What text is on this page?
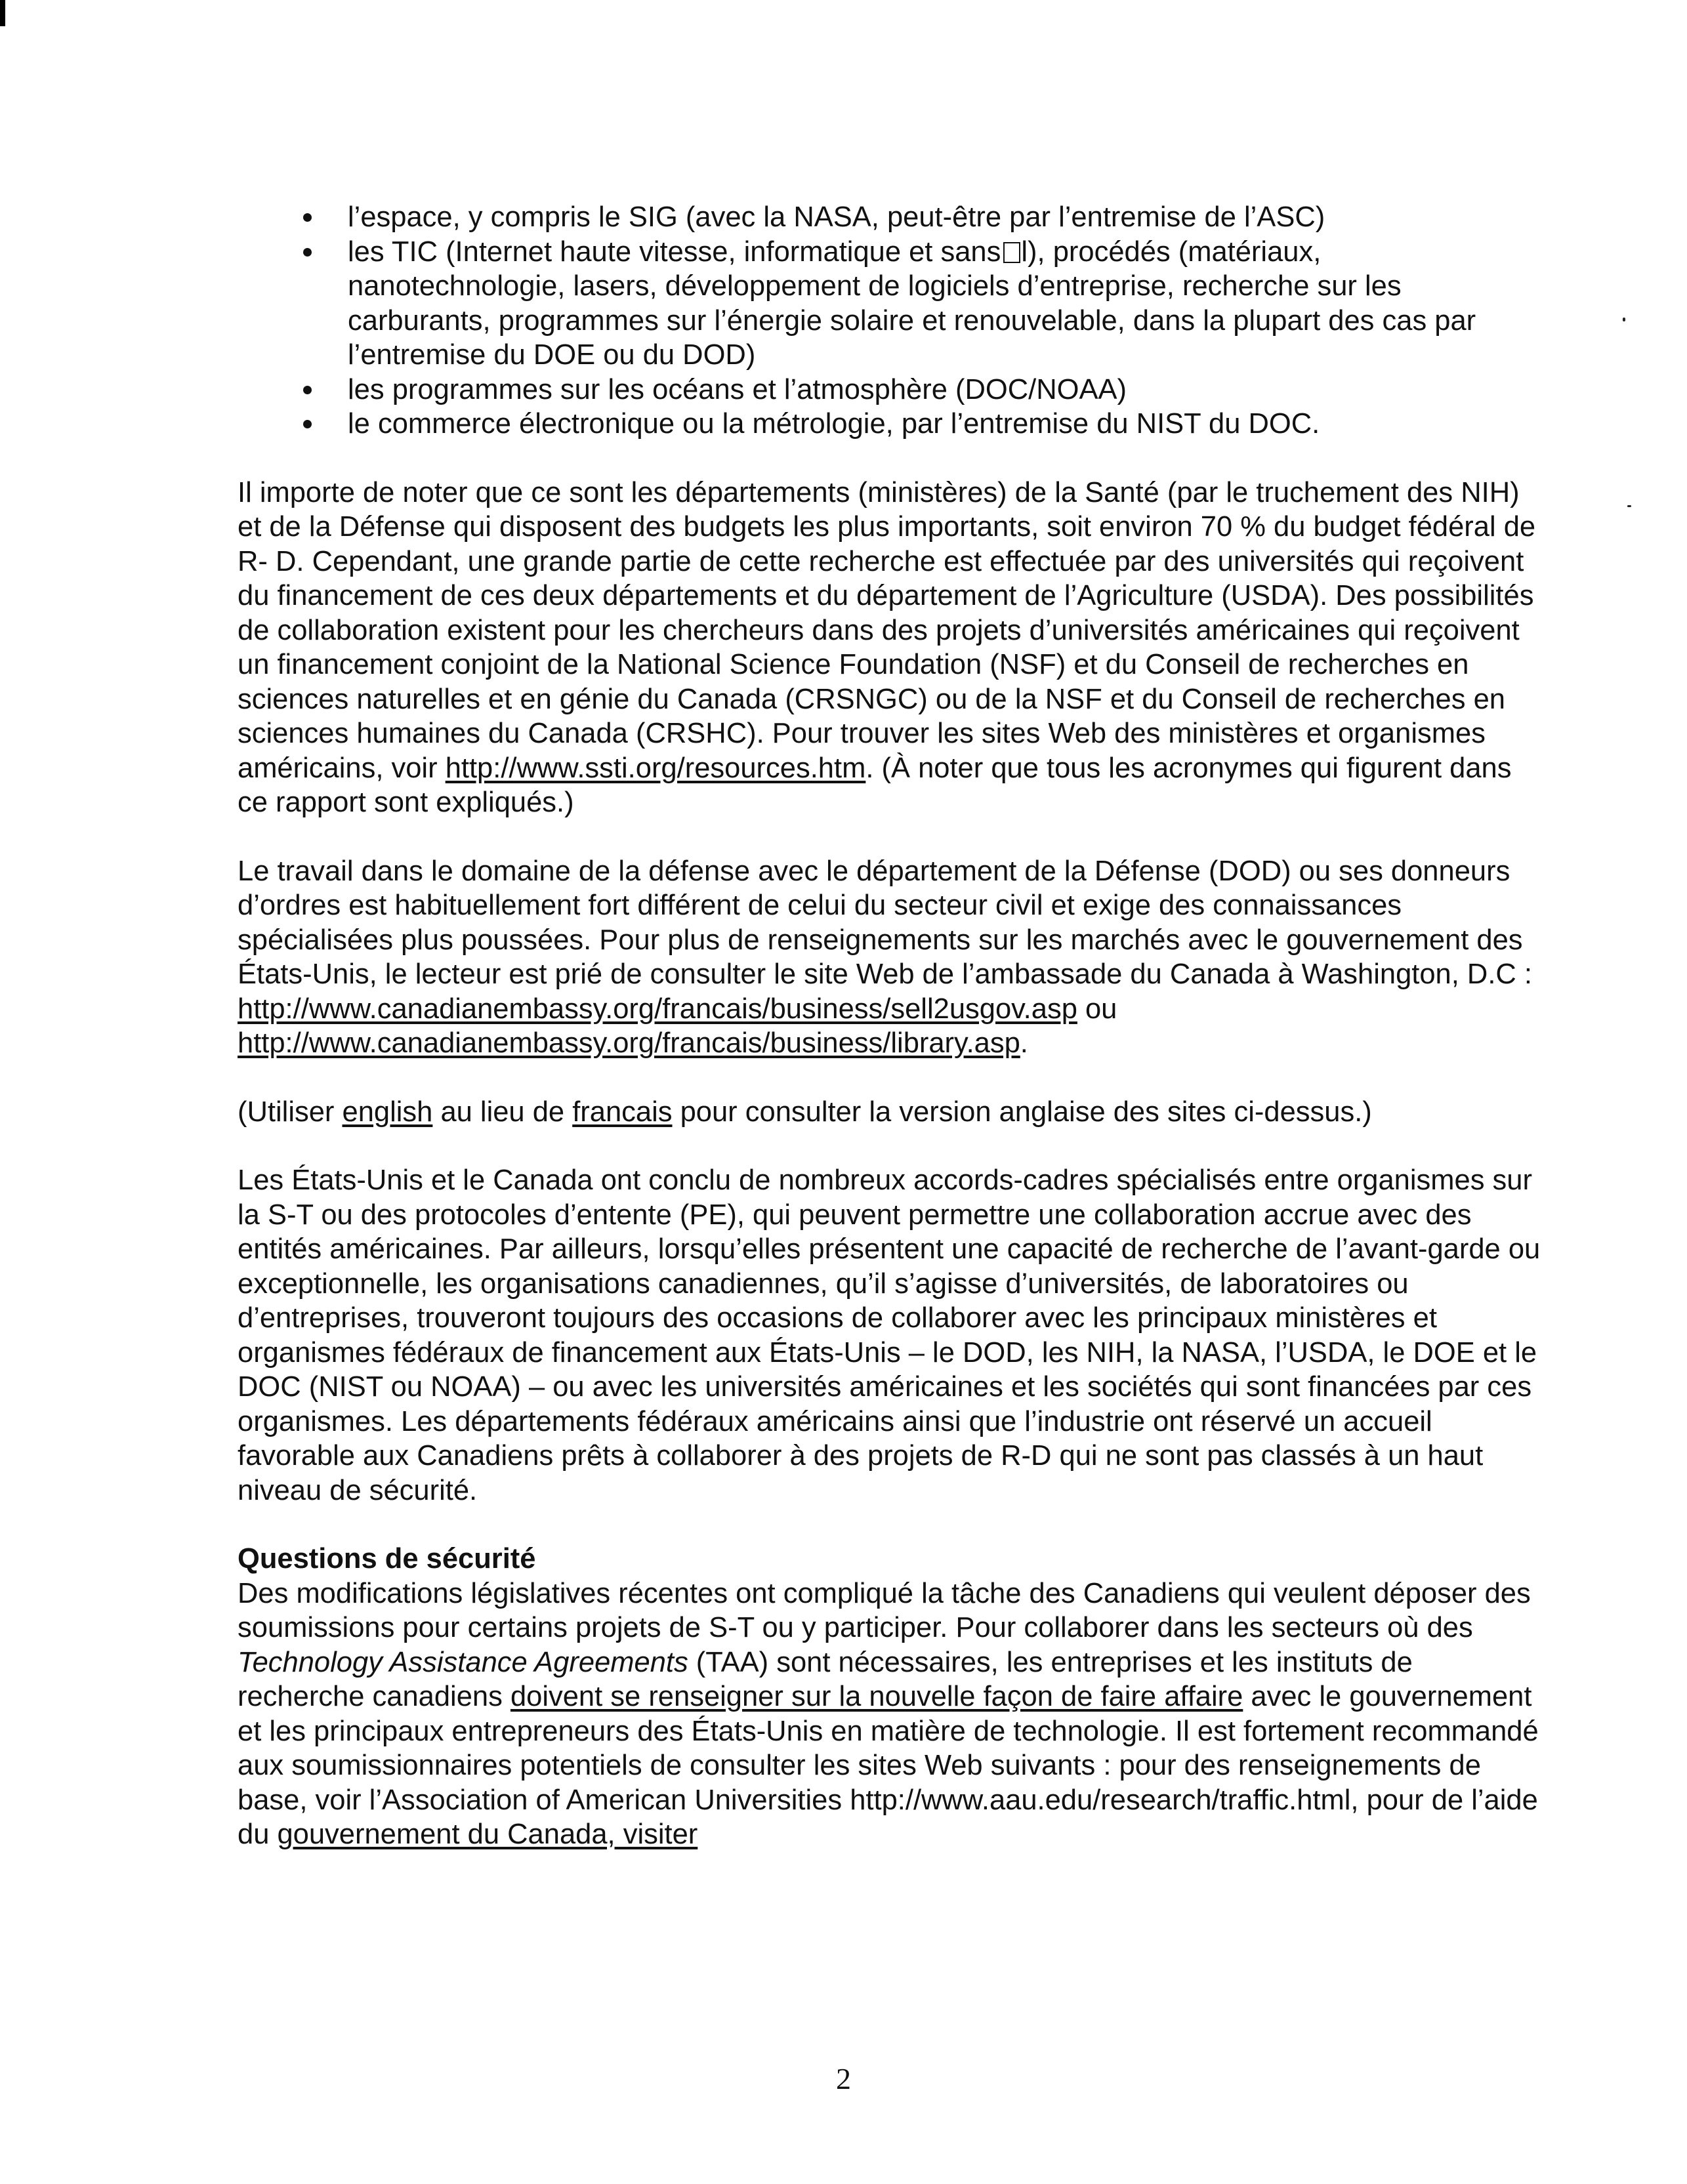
l’espace, y compris le SIG (avec la NASA, peut-être par l’entremise de l’ASC)
les TIC (Internet haute vitesse, informatique et sans l), procédés (matériaux, nanotechnologie, lasers, développement de logiciels d’entreprise, recherche sur les carburants, programmes sur l’énergie solaire et renouvelable, dans la plupart des cas par l’entremise du DOE ou du DOD)
les programmes sur les océans et l’atmosphère (DOC/NOAA)
le commerce électronique ou la métrologie, par l’entremise du NIST du DOC.

Il importe de noter que ce sont les départements (ministères) de la Santé (par le truchement des NIH) et de la Défense qui disposent des budgets les plus importants, soit environ 70 % du budget fédéral de R- D. Cependant, une grande partie de cette recherche est effectuée par des universités qui reçoivent du financement de ces deux départements et du département de l’Agriculture (USDA). Des possibilités de collaboration existent pour les chercheurs dans des projets d’universités américaines qui reçoivent un financement conjoint de la National Science Foundation (NSF) et du Conseil de recherches en sciences naturelles et en génie du Canada (CRSNGC) ou de la NSF et du Conseil de recherches en sciences humaines du Canada (CRSHC). Pour trouver les sites Web des ministères et organismes américains, voir http://www.ssti.org/resources.htm. (À noter que tous les acronymes qui figurent dans ce rapport sont expliqués.)

Le travail dans le domaine de la défense avec le département de la Défense (DOD) ou ses donneurs d’ordres est habituellement fort différent de celui du secteur civil et exige des connaissances spécialisées plus poussées. Pour plus de renseignements sur les marchés avec le gouvernement des États-Unis, le lecteur est prié de consulter le site Web de l’ambassade du Canada à Washington, D.C :
http://www.canadianembassy.org/francais/business/sell2usgov.asp ou
http://www.canadianembassy.org/francais/business/library.asp.

(Utiliser english au lieu de francais pour consulter la version anglaise des sites ci-dessus.)

Les États-Unis et le Canada ont conclu de nombreux accords-cadres spécialisés entre organismes sur la S-T ou des protocoles d’entente (PE), qui peuvent permettre une collaboration accrue avec des entités américaines. Par ailleurs, lorsqu’elles présentent une capacité de recherche de l’avant-garde ou exceptionnelle, les organisations canadiennes, qu’il s’agisse d’universités, de laboratoires ou d’entreprises, trouveront toujours des occasions de collaborer avec les principaux ministères et organismes fédéraux de financement aux États-Unis – le DOD, les NIH, la NASA, l’USDA, le DOE et le DOC (NIST ou NOAA) – ou avec les universités américaines et les sociétés qui sont financées par ces organismes. Les départements fédéraux américains ainsi que l’industrie ont réservé un accueil favorable aux Canadiens prêts à collaborer à des projets de R-D qui ne sont pas classés à un haut niveau de sécurité.

Questions de sécurité

Des modifications législatives récentes ont compliqué la tâche des Canadiens qui veulent déposer des soumissions pour certains projets de S-T ou y participer. Pour collaborer dans les secteurs où des Technology Assistance Agreements (TAA) sont nécessaires, les entreprises et les instituts de recherche canadiens doivent se renseigner sur la nouvelle façon de faire affaire avec le gouvernement et les principaux entrepreneurs des États-Unis en matière de technologie. Il est fortement recommandé aux soumissionnaires potentiels de consulter les sites Web suivants : pour des renseignements de base, voir l’Association of American Universities http://www.aau.edu/research/traffic.html, pour de l’aide du gouvernement du Canada, visiter

2
